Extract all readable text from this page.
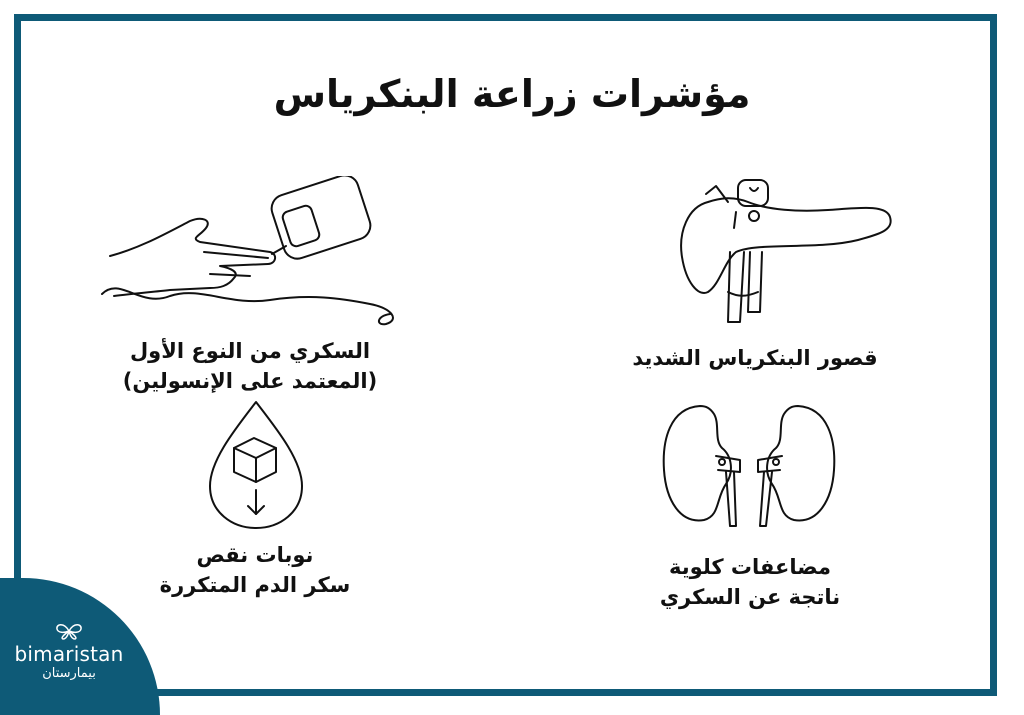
مؤشرات زراعة البنكرياس
قصور البنكرياس الشديد
السكري من النوع الأول
(المعتمد على الإنسولين)
مضاعفات كلوية
ناتجة عن السكري
نوبات نقص
سكر الدم المتكررة
bimaristan
بيمارستان
